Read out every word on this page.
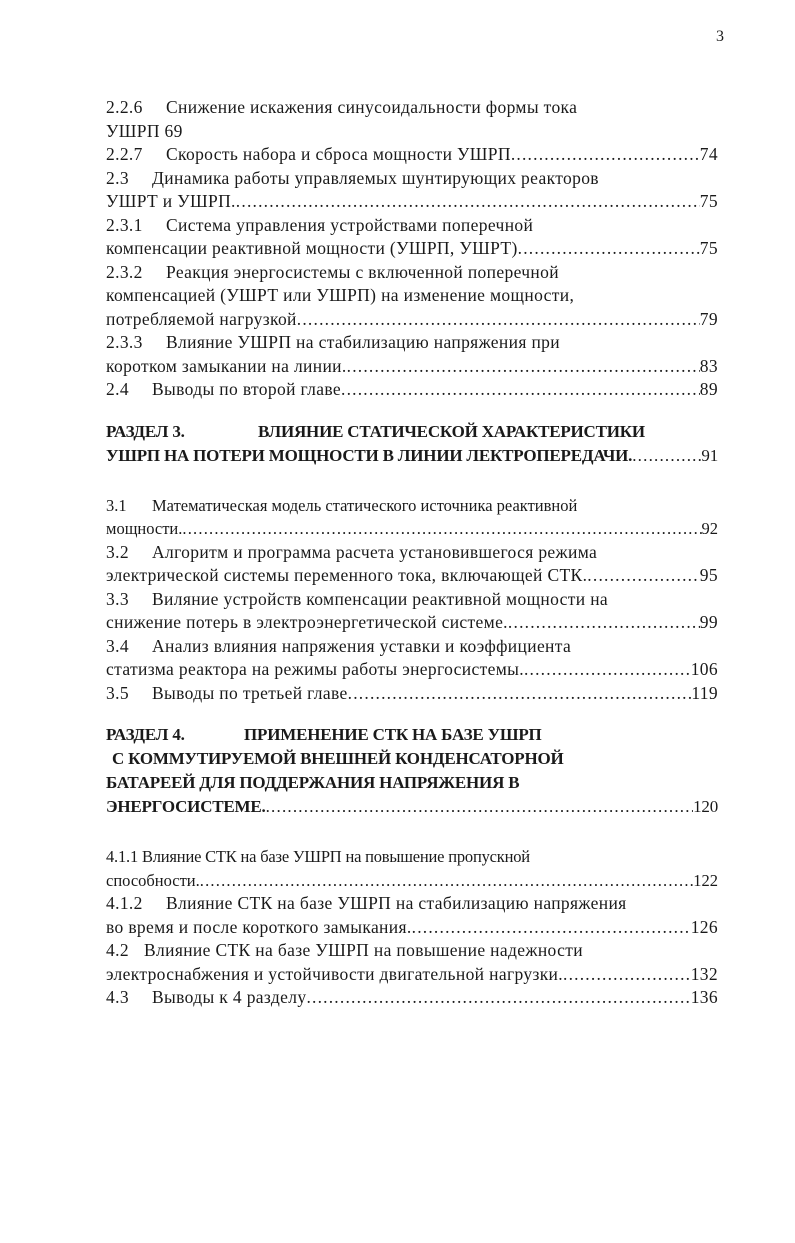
3
2.2.6 Снижение искажения синусоидальности формы тока
УШРП 69
2.2.7 Скорость набора и сброса мощности УШРП .....	74
2.3 Динамика работы управляемых шунтирующих реакторов
УШРТ и УШРП. .....	75
2.3.1 Система управления устройствами поперечной
компенсации реактивной мощности (УШРП, УШРТ) .....	75
2.3.2 Реакция энергосистемы с включенной поперечной
компенсацией (УШРТ или УШРП) на изменение мощности,
потребляемой нагрузкой .....	79
2.3.3 Влияние УШРП на стабилизацию напряжения при
коротком замыкании на линии. .....	83
2.4 Выводы по второй главе .....	89
РАЗДЕЛ 3.	ВЛИЯНИЕ СТАТИЧЕСКОЙ ХАРАКТЕРИСТИКИ
УШРП НА ПОТЕРИ МОЩНОСТИ В ЛИНИИ ЛЕКТРОПЕРЕДАЧИ. .....	91
3.1 Математическая модель статического источника реактивной
мощности. .....	92
3.2 Алгоритм и программа расчета установившегося режима
электрической системы переменного тока, включающей СТК. .....	95
3.3 Виляние устройств компенсации реактивной мощности на
снижение потерь в электроэнергетической системе. .....	99
3.4 Анализ влияния напряжения уставки и коэффициента
статизма реактора на режимы работы энергосистемы. .....	106
3.5 Выводы по третьей главе .....	119
РАЗДЕЛ 4.	ПРИМЕНЕНИЕ СТК НА БАЗЕ УШРП
С КОММУТИРУЕМОЙ ВНЕШНЕЙ КОНДЕНСАТОРНОЙ
БАТАРЕЕЙ ДЛЯ ПОДДЕРЖАНИЯ НАПРЯЖЕНИЯ В
ЭНЕРГОСИСТЕМЕ. .....	120
4.1.1 Влияние СТК на базе УШРП на повышение пропускной
способности. .....	122
4.1.2 Влияние СТК на базе УШРП на стабилизацию напряжения
во время и после короткого замыкания. .....	126
4.2 Влияние СТК на базе УШРП на повышение надежности
электроснабжения и устойчивости двигательной нагрузки. .....	132
4.3 Выводы к 4 разделу .....	136
